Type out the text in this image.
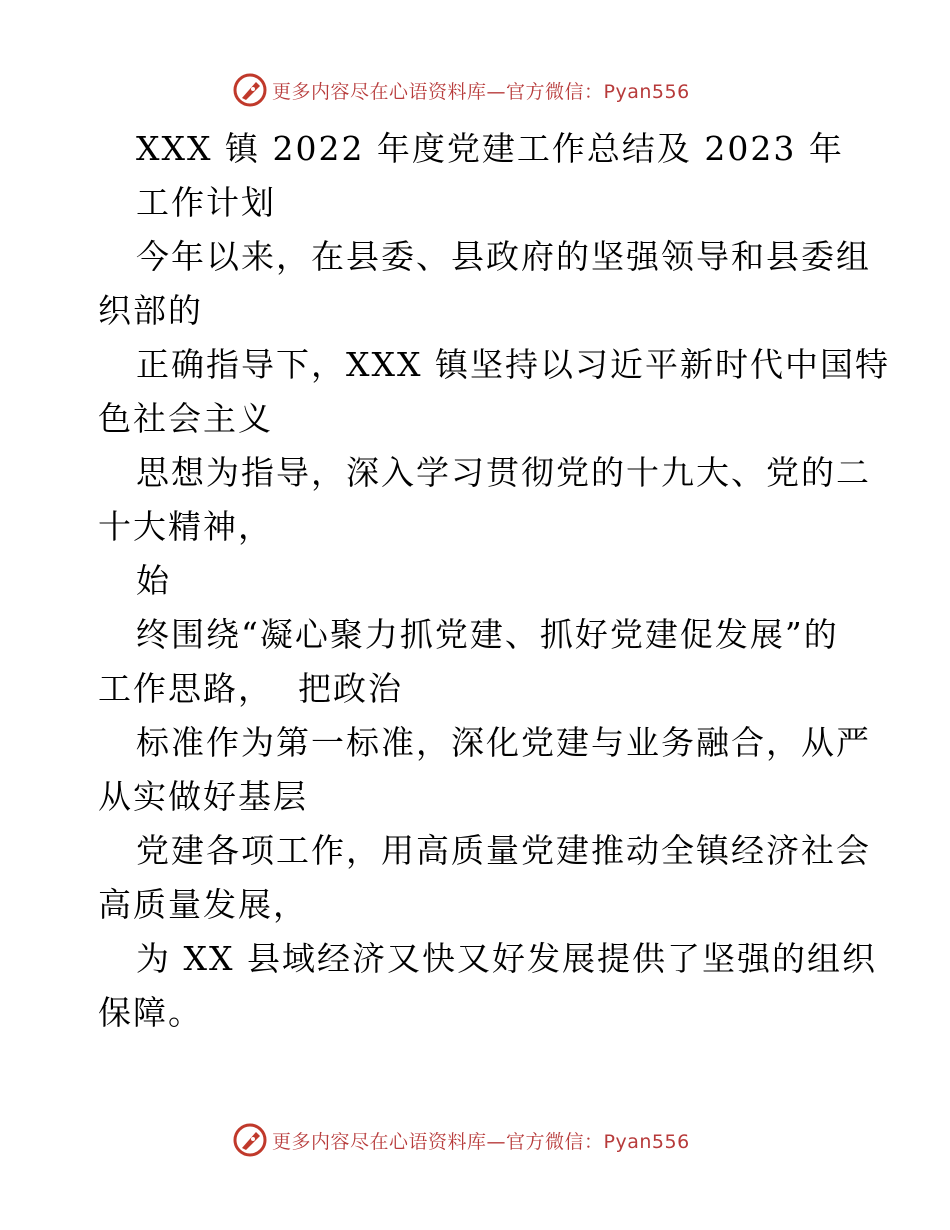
更多内容尽在心语资料库—官方微信：Pyan556
XXX 镇 2022 年度党建工作总结及 2023 年
工作计划
今年以来，在县委、县政府的坚强领导和县委组
织部的
正确指导下，XXX 镇坚持以习近平新时代中国特
色社会主义
思想为指导，深入学习贯彻党的十九大、党的二
十大精神，
始
终围绕“凝心聚力抓党建、抓好党建促发展”的
工作思路，  把政治
标准作为第一标准，深化党建与业务融合，从严
从实做好基层
党建各项工作，用高质量党建推动全镇经济社会
高质量发展，
为 XX 县域经济又快又好发展提供了坚强的组织
保障。
更多内容尽在心语资料库—官方微信：Pyan556
